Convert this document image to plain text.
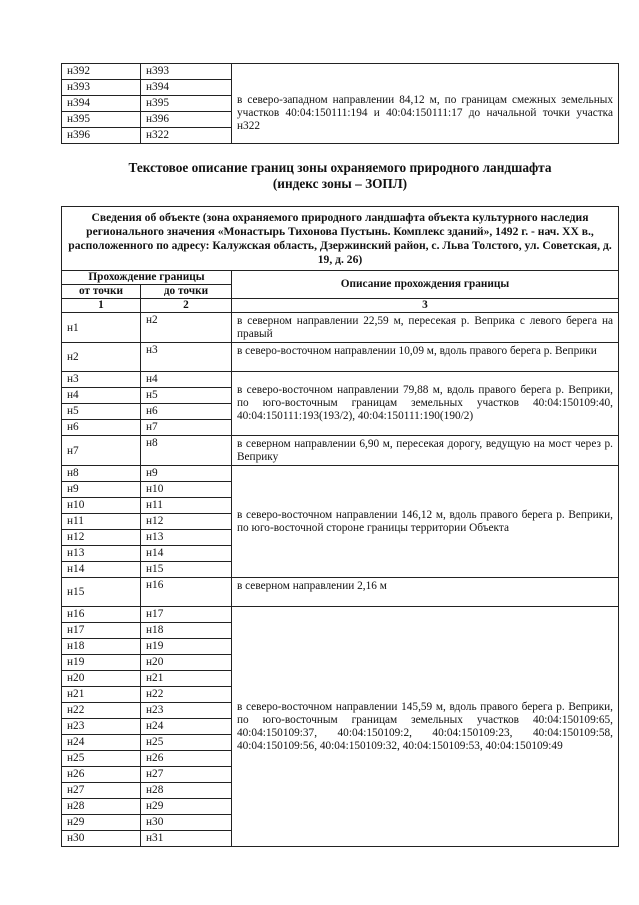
н392	н393	в северо-западном направлении 84,12 м, по границам смежных земельных участков 40:04:150111:194 и 40:04:150111:17 до начальной точки участка н322
н393	н394	
н394	н395	
н395	н396	
н396	н322	
Текстовое описание границ зоны охраняемого природного ландшафта
(индекс зоны – ЗОПЛ)
Сведения об объекте (зона охраняемого природного ландшафта объекта культурного наследия регионального значения «Монастырь Тихонова Пустынь. Комплекс зданий», 1492 г. - нач. XX в., расположенного по адресу: Калужская область, Дзержинский район, с. Льва Толстого, ул. Советская, д. 19, д. 26)		
Прохождение границы		Описание прохождения границы
от точки	до точки	
1	2	3
н1	н2	в северном направлении 22,59 м, пересекая р. Веприка с левого берега на правый
н2	н3	в северо-восточном направлении 10,09 м, вдоль правого берега р. Веприки
н3	н4	в северо-восточном направлении 79,88 м, вдоль правого берега р. Веприки, по юго-восточным границам земельных участков 40:04:150109:40, 40:04:150111:193(193/2), 40:04:150111:190(190/2)
н4	н5	
н5	н6	
н6	н7	
н7	н8	в северном направлении 6,90 м, пересекая дорогу, ведущую на мост через р. Веприку
н8	н9	в северо-восточном направлении 146,12 м, вдоль правого берега р. Веприки, по юго-восточной стороне границы территории Объекта
н9	н10	
н10	н11	
н11	н12	
н12	н13	
н13	н14	
н14	н15	
н15	н16	в северном направлении 2,16 м
н16	н17	в северо-восточном направлении 145,59 м, вдоль правого берега р. Веприки, по юго-восточным границам земельных участков 40:04:150109:65, 40:04:150109:37, 40:04:150109:2, 40:04:150109:23, 40:04:150109:58, 40:04:150109:56, 40:04:150109:32, 40:04:150109:53, 40:04:150109:49
н17	н18	
н18	н19	
н19	н20	
н20	н21	
н21	н22	
н22	н23	
н23	н24	
н24	н25	
н25	н26	
н26	н27	
н27	н28	
н28	н29	
н29	н30	
н30	н31	
